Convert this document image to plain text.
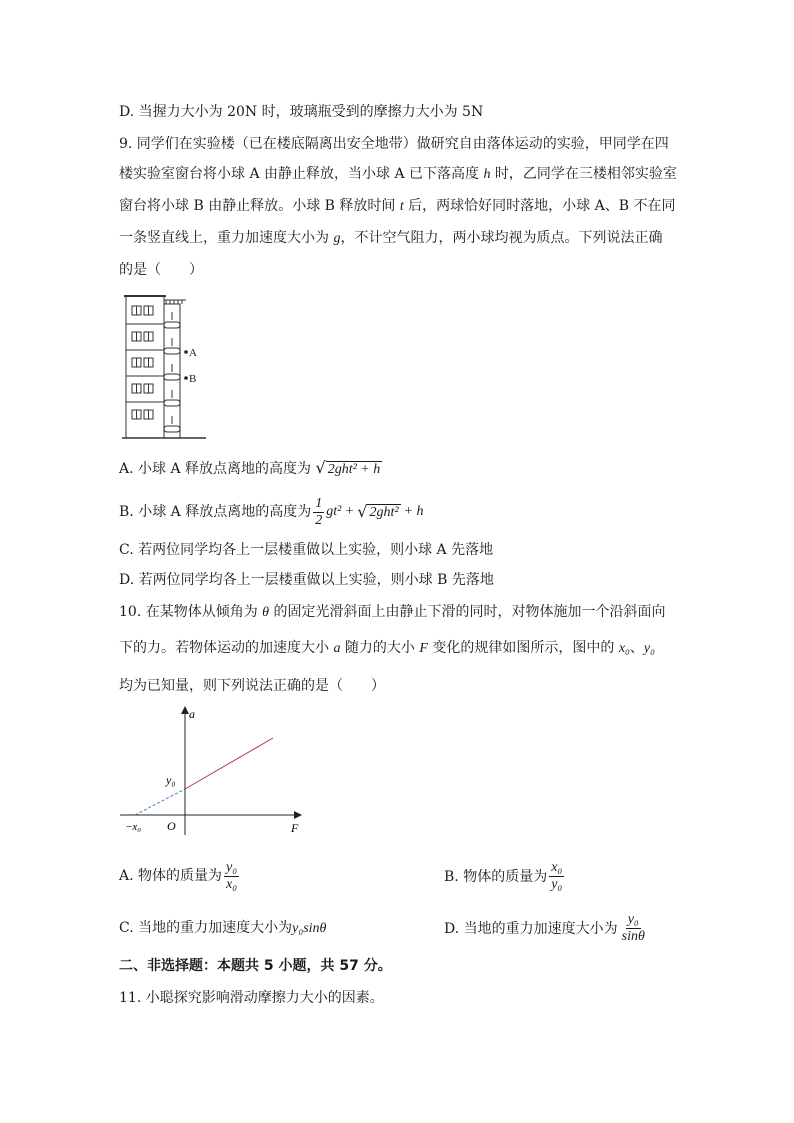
D. 当握力大小为 20N 时，玻璃瓶受到的摩擦力大小为 5N
9. 同学们在实验楼（已在楼底隔离出安全地带）做研究自由落体运动的实验，甲同学在四
楼实验室窗台将小球 A 由静止释放，当小球 A 已下落高度 h 时，乙同学在三楼相邻实验室
窗台将小球 B 由静止释放。小球 B 释放时间 t 后，两球恰好同时落地，小球 A、B 不在同
一条竖直线上，重力加速度大小为 g，不计空气阻力，两小球均视为质点。下列说法正确
的是（　　）
A
B
A. 小球 A 释放点离地的高度为 √ 2ght² + h
B. 小球 A 释放点离地的高度为 $\frac{1}{2} gt^2$ + √ 2ght² + h
C. 若两位同学均各上一层楼重做以上实验，则小球 A 先落地
D. 若两位同学均各上一层楼重做以上实验，则小球 B 先落地
10. 在某物体从倾角为 θ 的固定光滑斜面上由静止下滑的同时，对物体施加一个沿斜面向
下的力。若物体运动的加速度大小 a 随力的大小 F 变化的规律如图所示，图中的 x₀、y₀
均为已知量，则下列说法正确的是（　　）
a
F
O
y₀
−x₀
A. 物体的质量为 $\frac{\text{y₀}}{\text{x₀}}$	B. 物体的质量为 $\frac{\text{x₀}}{\text{y₀}}$
C. 当地的重力加速度大小为y₀sinθ	D. 当地的重力加速度大小为 $\frac{\text{y₀}}{\sin\theta}$
二、非选择题：本题共 5 小题，共 57 分。
11. 小聪探究影响滑动摩擦力大小的因素。
